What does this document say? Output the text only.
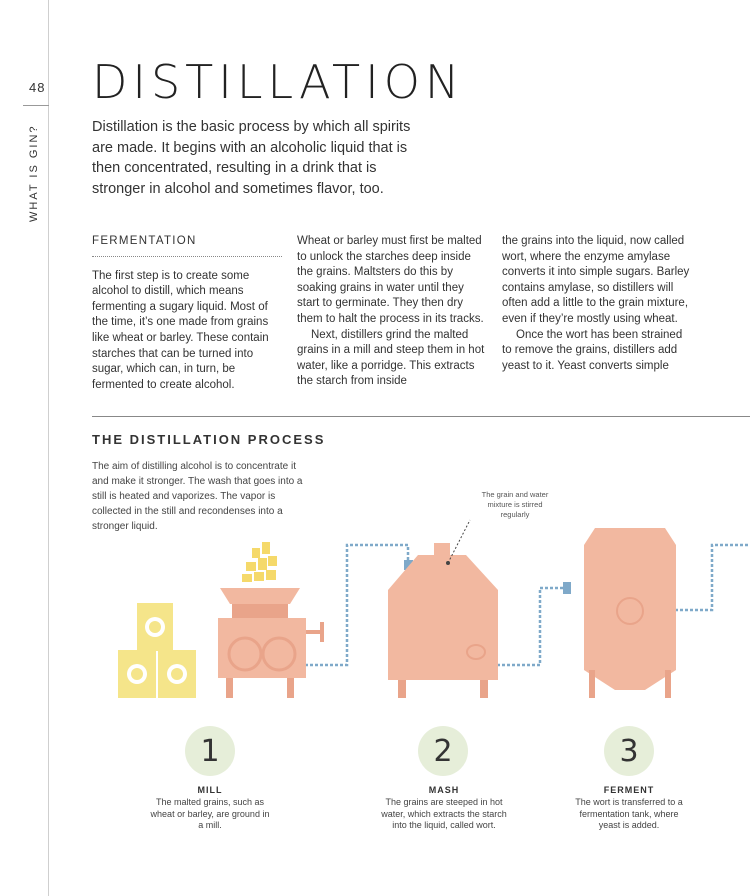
48
WHAT IS GIN?
DISTILLATION
Distillation is the basic process by which all spirits are made. It begins with an alcoholic liquid that is then concentrated, resulting in a drink that is stronger in alcohol and sometimes flavor, too.
FERMENTATION

The first step is to create some alcohol to distill, which means fermenting a sugary liquid. Most of the time, it’s one made from grains like wheat or barley. These contain starches that can be turned into sugar, which can, in turn, be fermented to create alcohol.

Wheat or barley must first be malted to unlock the starches deep inside the grains. Maltsters do this by soaking grains in water until they start to germinate. They then dry them to halt the process in its tracks.

Next, distillers grind the malted grains in a mill and steep them in hot water, like a porridge. This extracts the starch from inside

the grains into the liquid, now called wort, where the enzyme amylase converts it into simple sugars. Barley contains amylase, so distillers will often add a little to the grain mixture, even if they’re mostly using wheat.

Once the wort has been strained to remove the grains, distillers add yeast to it. Yeast converts simple

THE DISTILLATION PROCESS
The aim of distilling alcohol is to concentrate it and make it stronger. The wash that goes into a still is heated and vaporizes. The vapor is collected in the still and recondenses into a stronger liquid.
The grain and water mixture is stirred regularly
1
MILL
The malted grains, such as wheat or barley, are ground in a mill.
2
MASH
The grains are steeped in hot water, which extracts the starch into the liquid, called wort.
3
FERMENT
The wort is transferred to a fermentation tank, where yeast is added.
